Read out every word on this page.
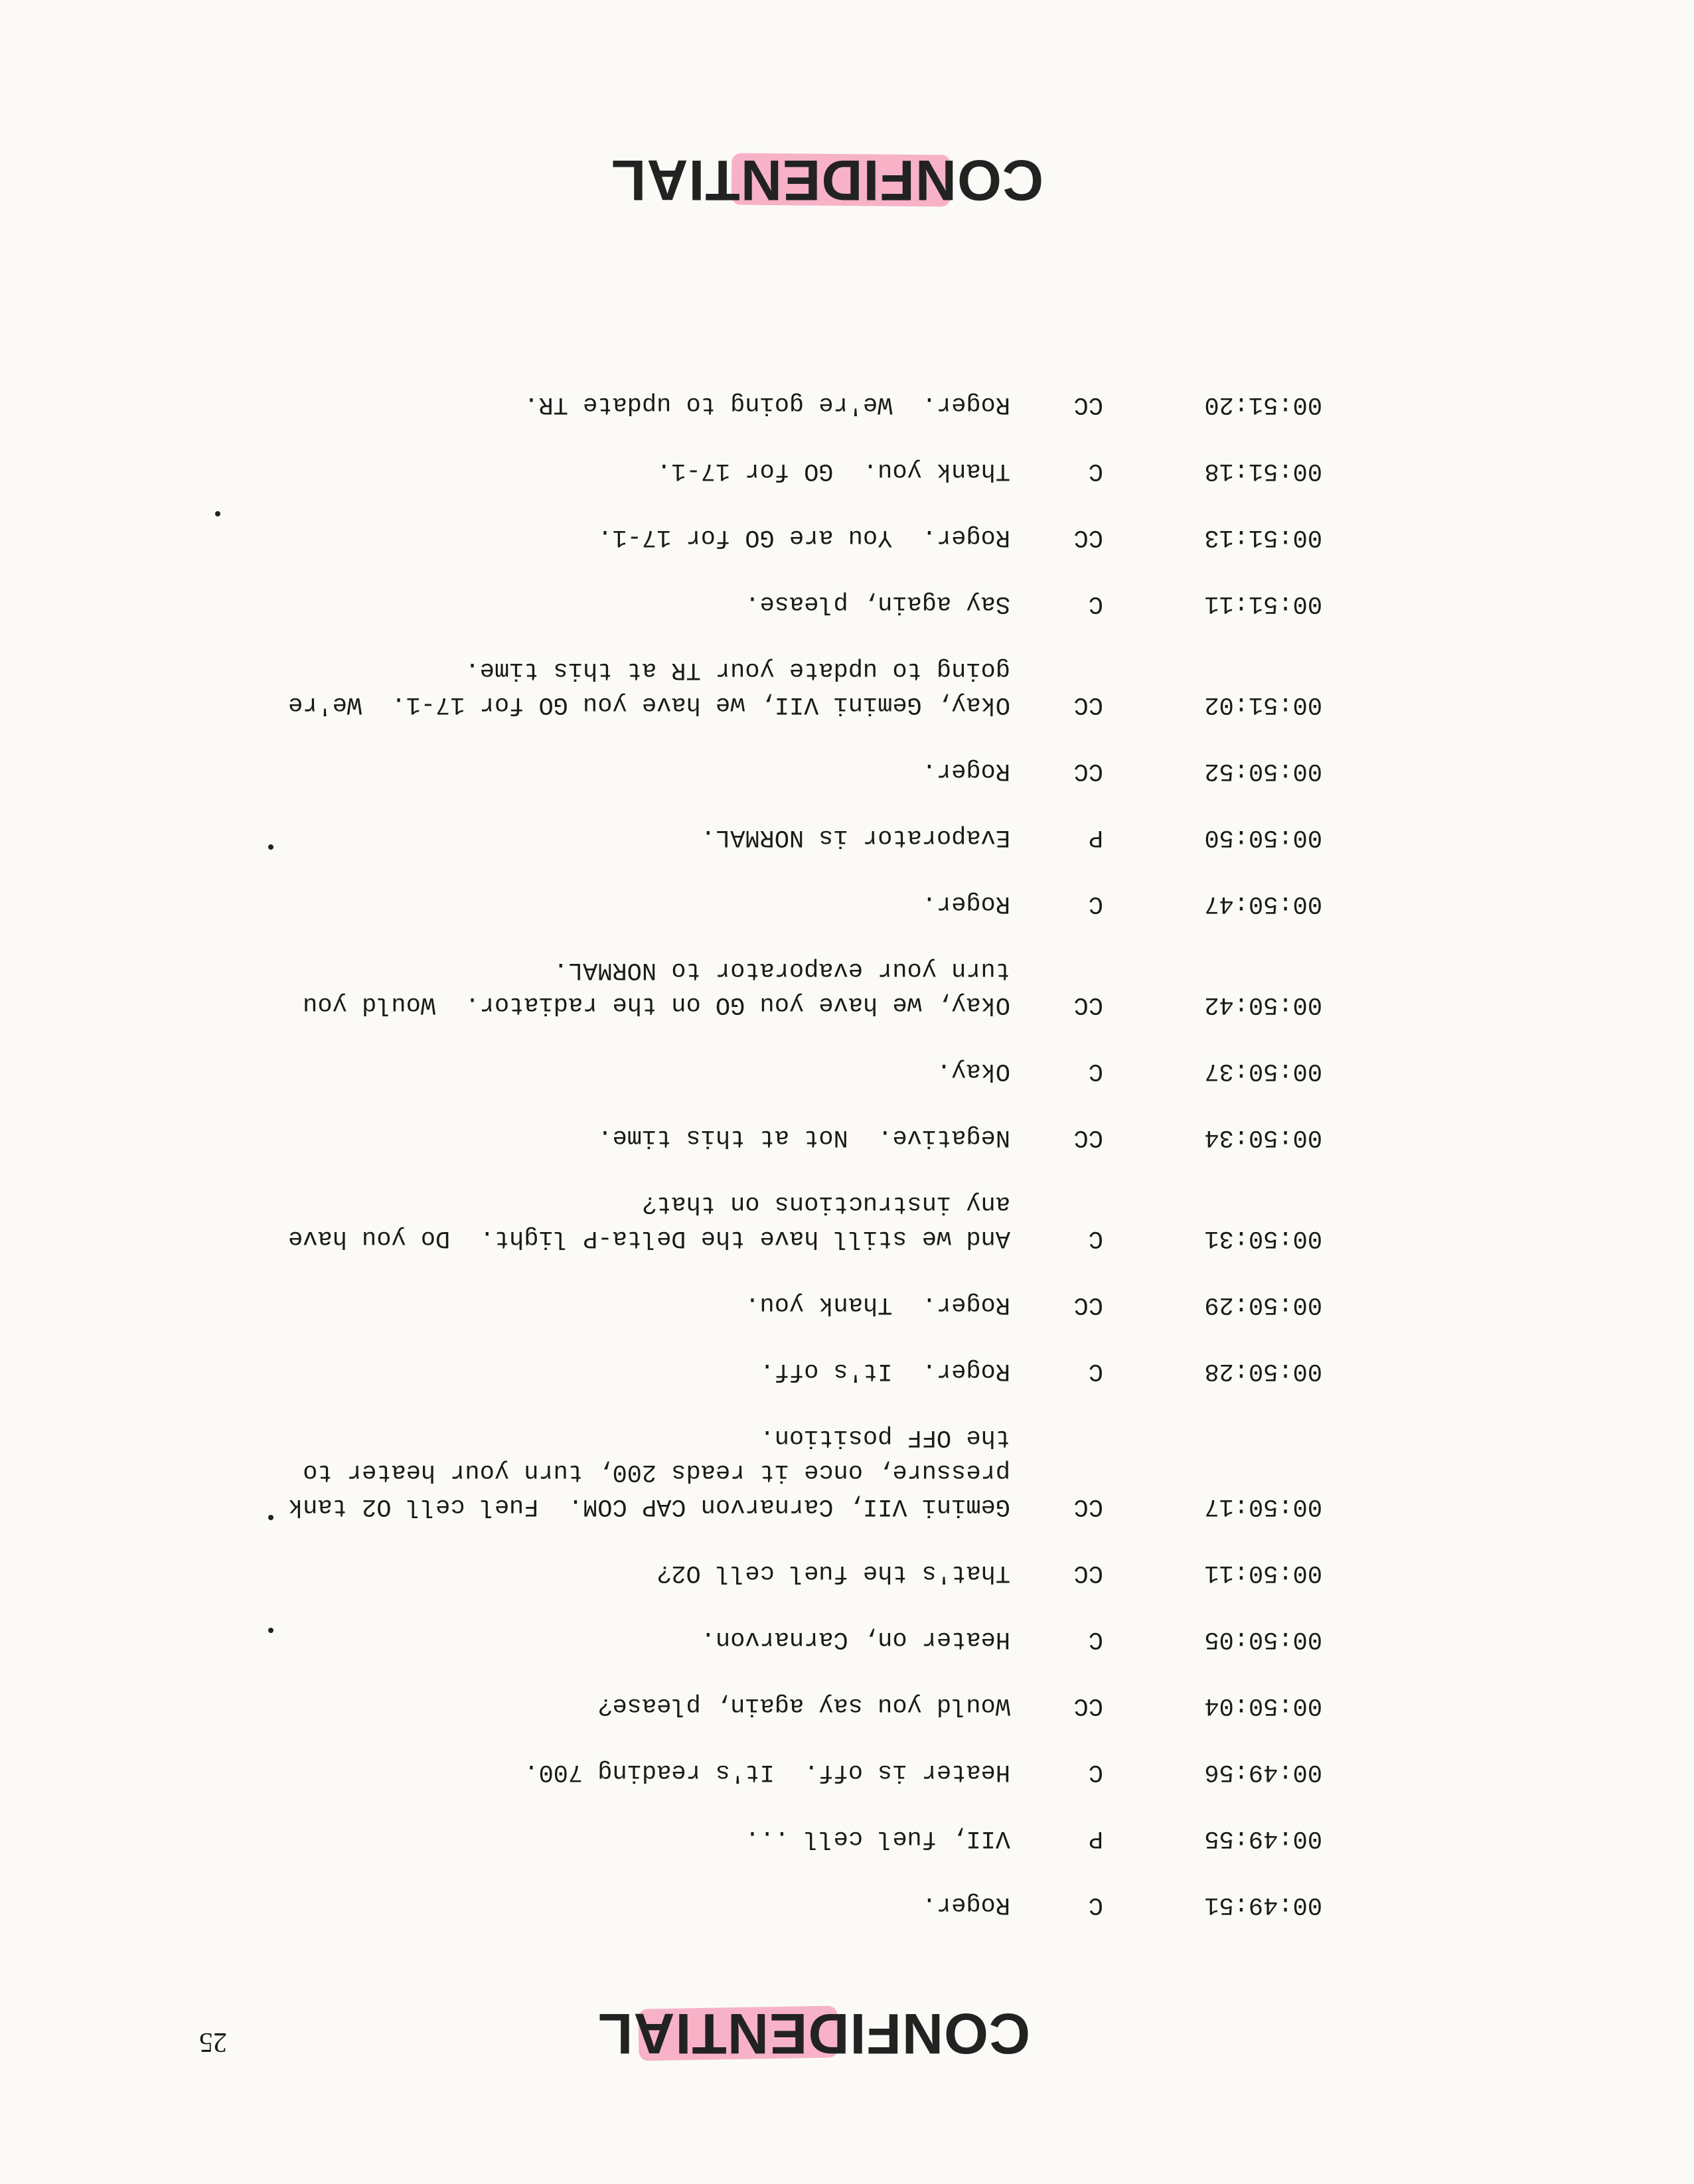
25	CONFIDENTIAL
00:49:51
C
Roger.
00:49:55
P
VII, fuel cell ...
00:49:56
C
Heater is off.  It's reading 700.
00:50:04
CC
Would you say again, please?
00:50:05
C
Heater on, Carnarvon.
00:50:11
CC
That's the fuel cell O2?
00:50:17
CC
Gemini VII, Carnarvon CAP COM.  Fuel cell O2 tank
pressure, once it reads 200, turn your heater to
the OFF position.
00:50:28
C
Roger.  It's off.
00:50:29
CC
Roger.  Thank you.
00:50:31
C
And we still have the Delta-P light.  Do you have
any instructions on that?
00:50:34
CC
Negative.  Not at this time.
00:50:37
C
Okay.
00:50:42
CC
Okay, we have you GO on the radiator.  Would you
turn your evaporator to NORMAL.
00:50:47
C
Roger.
00:50:50
P
Evaporator is NORMAL.
00:50:52
CC
Roger.
00:51:02
CC
Okay, Gemini VII, we have you GO for 17-1.  We're
going to update your TR at this time.
00:51:11
C
Say again, please.
00:51:13
CC
Roger.  You are GO for 17-1.
00:51:18
C
Thank you.  GO for 17-1.
00:51:20
CC
Roger.  We're going to update TR.
CONFIDENTIAL
